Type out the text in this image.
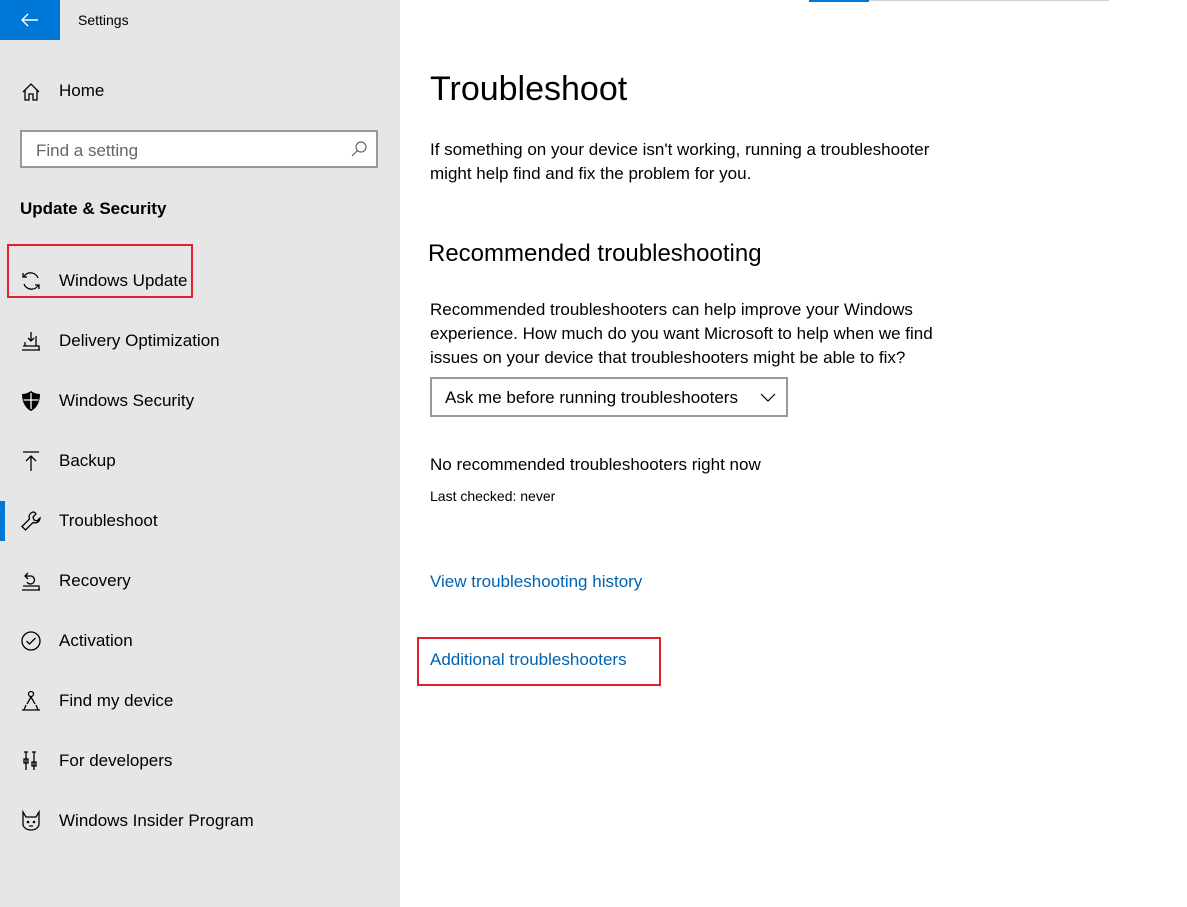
Settings
Home
Find a setting
Update & Security
Windows Update
Delivery Optimization
Windows Security
Backup
Troubleshoot
Recovery
Activation
Find my device
For developers
Windows Insider Program
Troubleshoot
If something on your device isn't working, running a troubleshooter might help find and fix the problem for you.
Recommended troubleshooting
Recommended troubleshooters can help improve your Windows experience. How much do you want Microsoft to help when we find issues on your device that troubleshooters might be able to fix?
Ask me before running troubleshooters
No recommended troubleshooters right now
Last checked: never
View troubleshooting history
Additional troubleshooters
